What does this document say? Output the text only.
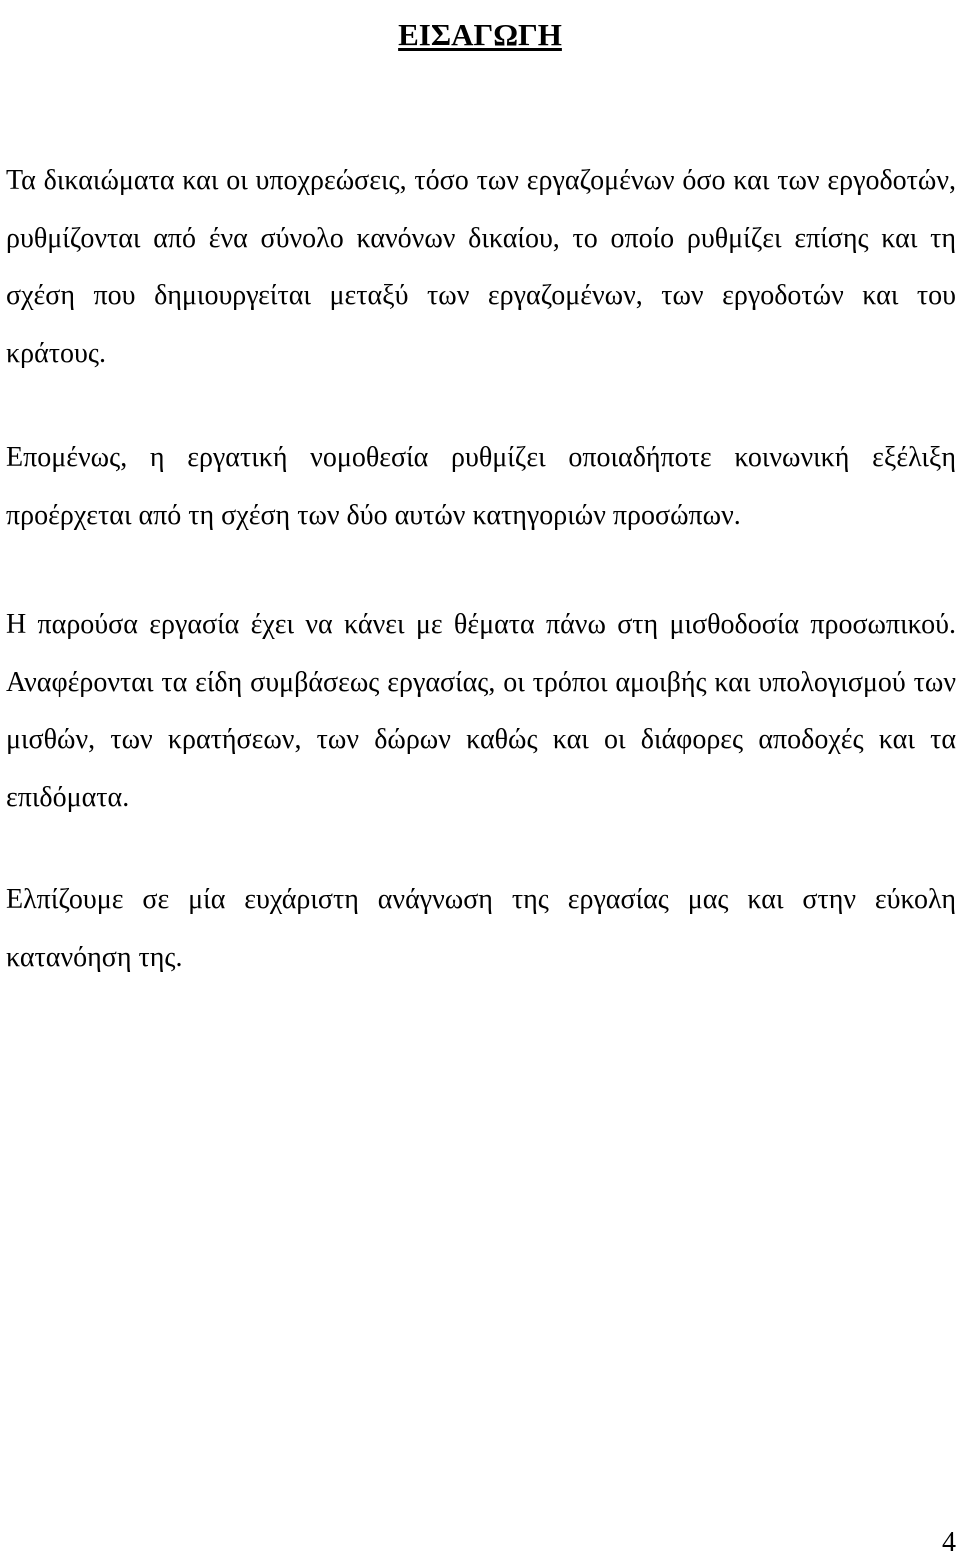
ΕΙΣΑΓΩΓΗ

Τα δικαιώματα και οι υποχρεώσεις, τόσο των εργαζομένων όσο και των εργοδοτών, ρυθμίζονται από ένα σύνολο κανόνων δικαίου, το οποίο ρυθμίζει επίσης και τη σχέση που δημιουργείται μεταξύ των εργαζομένων, των εργοδοτών και του κράτους.

Επομένως, η εργατική νομοθεσία ρυθμίζει οποιαδήποτε κοινωνική εξέλιξη προέρχεται από τη σχέση των δύο αυτών κατηγοριών προσώπων.

Η παρούσα εργασία έχει να κάνει με θέματα πάνω στη μισθοδοσία προσωπικού. Αναφέρονται τα είδη συμβάσεως εργασίας, οι τρόποι αμοιβής και υπολογισμού των μισθών, των κρατήσεων, των δώρων καθώς και οι διάφορες αποδοχές και τα επιδόματα.

Ελπίζουμε σε μία ευχάριστη ανάγνωση της εργασίας μας και στην εύκολη κατανόηση της.

4
